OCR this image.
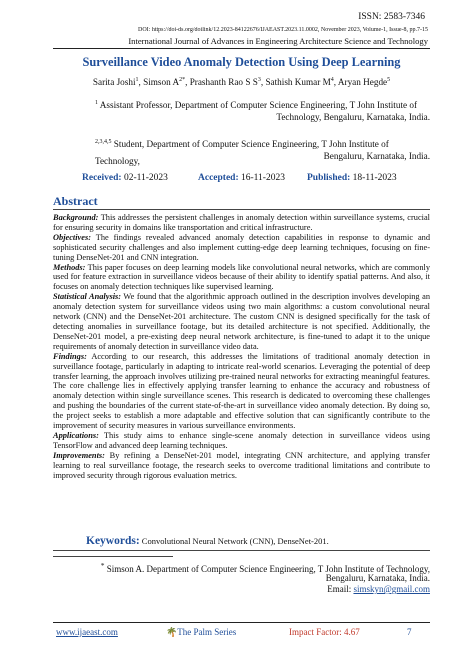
ISSN: 2583-7346
DOI: https://doi-ds.org/doilink/12.2023-84122676/IJAEAST.2023.11.0002, November 2023, Volume-1, Issue-8, pp.7-15
International Journal of Advances in Engineering Architecture Science and Technology
Surveillance Video Anomaly Detection Using Deep Learning
Sarita Joshi$^1$, Simson $A^{2*}$, Prashanth Rao S $S^3$, Sathish Kumar $M^4$, Aryan Hegde$^5$
$^1$ Assistant Professor, Department of Computer Science Engineering, T John Institute of
Technology, Bengaluru, Karnataka, India.
$^{2,3,4,5}$ Student, Department of Computer Science Engineering, T John Institute of Technology,
Bengaluru, Karnataka, India.
Received: 02-11-2023	Accepted: 16-11-2023 Published: 18-11-2023
Abstract

Background: This addresses the persistent challenges in anomaly detection within surveillance systems, crucial for ensuring security in domains like transportation and critical infrastructure.

Objectives: The findings revealed advanced anomaly detection capabilities in response to dynamic and sophisticated security challenges and also implement cutting-edge deep learning techniques, focusing on fine-tuning DenseNet-201 and CNN integration.

Methods: This paper focuses on deep learning models like convolutional neural networks, which are commonly used for feature extraction in surveillance videos because of their ability to identify spatial patterns. And also, it focuses on anomaly detection techniques like supervised learning.

Statistical Analysis: We found that the algorithmic approach outlined in the description involves developing an anomaly detection system for surveillance videos using two main algorithms: a custom convolutional neural network (CNN) and the DenseNet-201 architecture. The custom CNN is designed specifically for the task of detecting anomalies in surveillance footage, but its detailed architecture is not specified. Additionally, the DenseNet-201 model, a pre-existing deep neural network architecture, is fine-tuned to adapt it to the unique requirements of anomaly detection in surveillance video data.

Findings: According to our research, this addresses the limitations of traditional anomaly detection in surveillance footage, particularly in adapting to intricate real-world scenarios. Leveraging the potential of deep transfer learning, the approach involves utilizing pre-trained neural networks for extracting meaningful features. The core challenge lies in effectively applying transfer learning to enhance the accuracy and robustness of anomaly detection within single surveillance scenes. This research is dedicated to overcoming these challenges and pushing the boundaries of the current state-of-the-art in surveillance video anomaly detection. By doing so, the project seeks to establish a more adaptable and effective solution that can significantly contribute to the improvement of security measures in various surveillance environments.

Applications: This study aims to enhance single-scene anomaly detection in surveillance videos using TensorFlow and advanced deep learning techniques.

Improvements: By refining a DenseNet-201 model, integrating CNN architecture, and applying transfer learning to real surveillance footage, the research seeks to overcome traditional limitations and contribute to improved security through rigorous evaluation metrics.

Keywords: Convolutional Neural Network (CNN), DenseNet-201.
* Simson A. Department of Computer Science Engineering, T John Institute of Technology,
Bengaluru, Karnataka, India.
Email: simskyn@gmail.com
www.ijaeast.com	🌴The Palm Series	Impact Factor: 4.67	7
